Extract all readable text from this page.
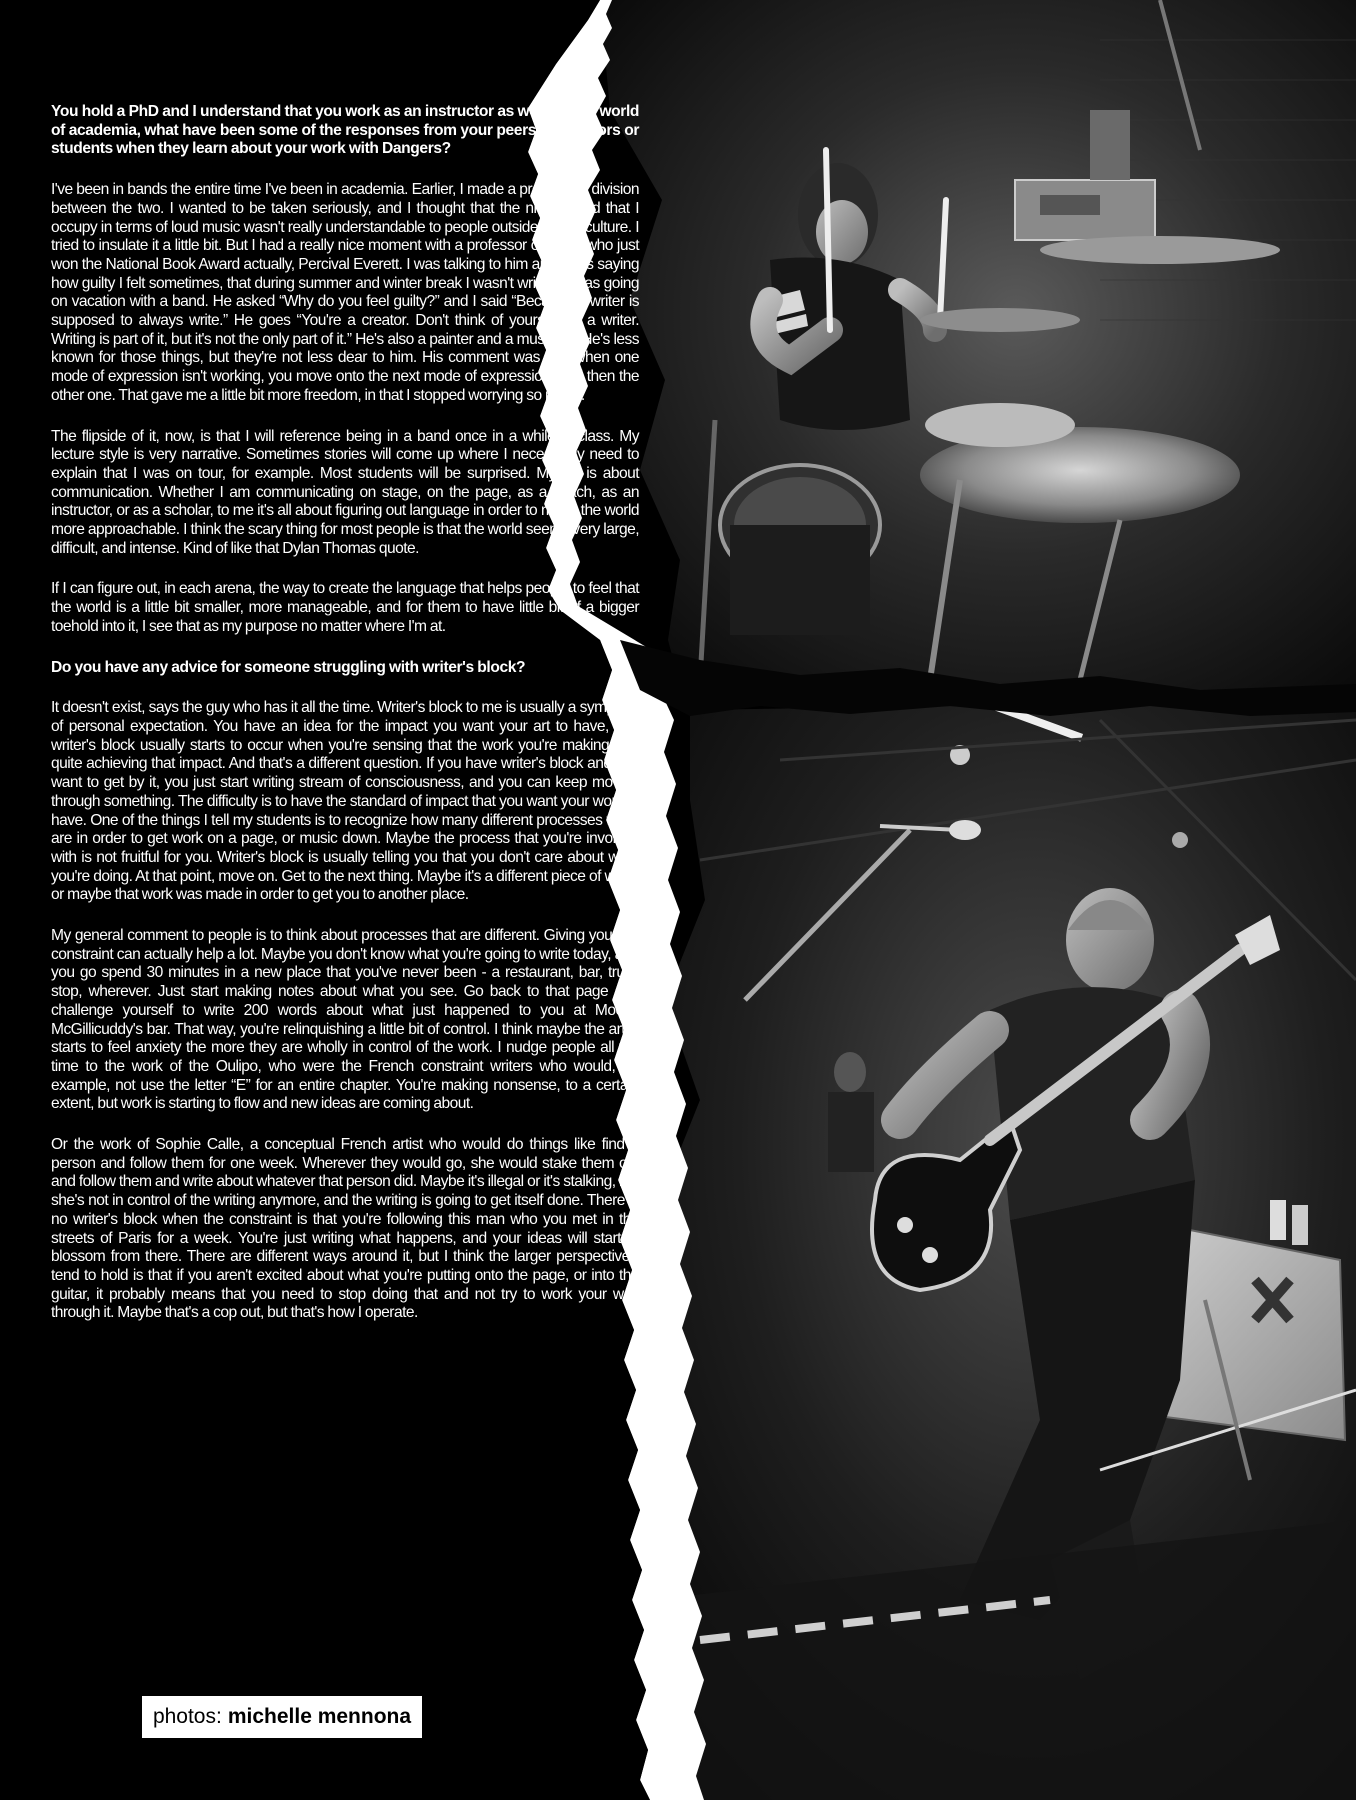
You hold a PhD and I understand that you work as an instructor as well. In this world of academia, what have been some of the responses from your peers, professors or students when they learn about your work with Dangers?

I've been in bands the entire time I've been in academia. Earlier, I made a pretty hard division between the two. I wanted to be taken seriously, and I thought that the niche world that I occupy in terms of loud music wasn't really understandable to people outside of that culture. I tried to insulate it a little bit. But I had a really nice moment with a professor of mine, who just won the National Book Award actually, Percival Everett. I was talking to him and I was saying how guilty I felt sometimes, that during summer and winter break I wasn't writing. I was going on vacation with a band. He asked “Why do you feel guilty?” and I said “Because a writer is supposed to always write.” He goes “You're a creator. Don't think of yourself as a writer. Writing is part of it, but it's not the only part of it.” He's also a painter and a musician. He's less known for those things, but they're not less dear to him. His comment was that when one mode of expression isn't working, you move onto the next mode of expression, and then the other one. That gave me a little bit more freedom, in that I stopped worrying so much.

The flipside of it, now, is that I will reference being in a band once in a while in class. My lecture style is very narrative. Sometimes stories will come up where I necessarily need to explain that I was on tour, for example. Most students will be surprised. My life is about communication. Whether I am communicating on stage, on the page, as a coach, as an instructor, or as a scholar, to me it's all about figuring out language in order to make the world more approachable. I think the scary thing for most people is that the world seems very large, difficult, and intense. Kind of like that Dylan Thomas quote.

If I can figure out, in each arena, the way to create the language that helps people to feel that the world is a little bit smaller, more manageable, and for them to have little bit of a bigger toehold into it, I see that as my purpose no matter where I'm at.

Do you have any advice for someone struggling with writer's block?

It doesn't exist, says the guy who has it all the time. Writer's block to me is usually a symptom of personal expectation. You have an idea for the impact you want your art to have, and writer's block usually starts to occur when you're sensing that the work you're making isn't quite achieving that impact. And that's a different question. If you have writer's block and you want to get by it, you just start writing stream of consciousness, and you can keep moving through something. The difficulty is to have the standard of impact that you want your work to have. One of the things I tell my students is to recognize how many different processes there are in order to get work on a page, or music down. Maybe the process that you're involved with is not fruitful for you. Writer's block is usually telling you that you don't care about what you're doing. At that point, move on. Get to the next thing. Maybe it's a different piece of work, or maybe that work was made in order to get you to another place.

My general comment to people is to think about processes that are different. Giving yourself constraint can actually help a lot. Maybe you don't know what you're going to write today, and you go spend 30 minutes in a new place that you've never been - a restaurant, bar, truck stop, wherever. Just start making notes about what you see. Go back to that page and challenge yourself to write 200 words about what just happened to you at Moose McGillicuddy's bar. That way, you're relinquishing a little bit of control. I think maybe the artist starts to feel anxiety the more they are wholly in control of the work. I nudge people all the time to the work of the Oulipo, who were the French constraint writers who would, for example, not use the letter “E” for an entire chapter. You're making nonsense, to a certain extent, but work is starting to flow and new ideas are coming about.

Or the work of Sophie Calle, a conceptual French artist who would do things like find a person and follow them for one week. Wherever they would go, she would stake them out and follow them and write about whatever that person did. Maybe it's illegal or it's stalking, but she's not in control of the writing anymore, and the writing is going to get itself done. There is no writer's block when the constraint is that you're following this man who you met in the streets of Paris for a week. You're just writing what happens, and your ideas will start to blossom from there. There are different ways around it, but I think the larger perspective I tend to hold is that if you aren't excited about what you're putting onto the page, or into the guitar, it probably means that you need to stop doing that and not try to work your way through it. Maybe that's a cop out, but that's how I operate.

photos: michelle mennona	79
